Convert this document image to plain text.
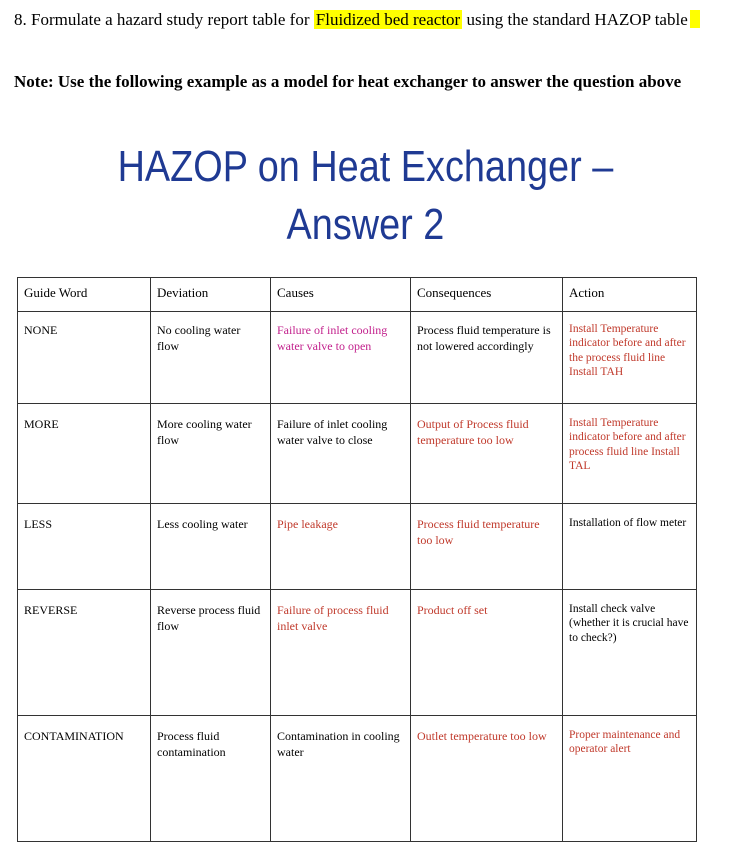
8. Formulate a hazard study report table for Fluidized bed reactor using the standard HAZOP table
Note: Use the following example as a model for heat exchanger to answer the question above
HAZOP on Heat Exchanger –
Answer 2
Guide Word	Deviation	Causes	Consequences	Action
NONE	No cooling water flow	Failure of inlet cooling water valve to open	Process fluid temperature is not lowered accordingly	Install Temperature indicator before and after the process fluid line Install TAH
MORE	More cooling water flow	Failure of inlet cooling water valve to close	Output of Process fluid temperature too low	Install Temperature indicator before and after process fluid line Install TAL
LESS	Less cooling water	Pipe leakage	Process fluid temperature too low	Installation of flow meter
REVERSE	Reverse process fluid flow	Failure of process fluid inlet valve	Product off set	Install check valve (whether it is crucial have to check?)
CONTAMINATION	Process fluid contamination	Contamination in cooling water	Outlet temperature too low	Proper maintenance and operator alert
